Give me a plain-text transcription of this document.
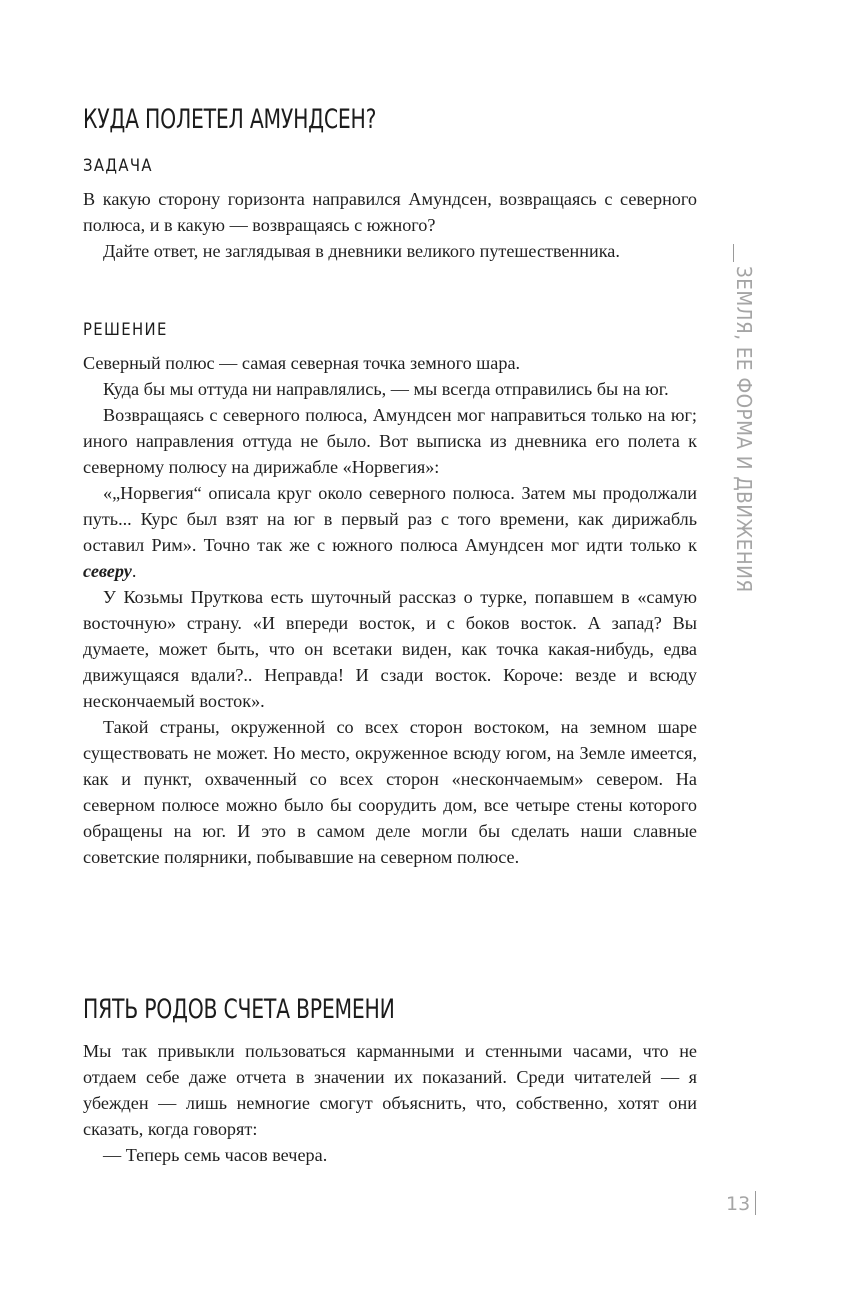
КУДА ПОЛЕТЕЛ АМУНДСЕН?
ЗАДАЧА

В какую сторону горизонта направился Амундсен, возвращаясь с северного полюса, и в какую — возвращаясь с южного?

Дайте ответ, не заглядывая в дневники великого путешественника.

РЕШЕНИЕ

Северный полюс — самая северная точка земного шара.

Куда бы мы оттуда ни направлялись, — мы всегда отправились бы на юг.

Возвращаясь с северного полюса, Амундсен мог направиться только на юг; иного направления оттуда не было. Вот выписка из дневника его полета к северному полюсу на дирижабле «Норвегия»:

«„Норвегия“ описала круг около северного полюса. Затем мы продолжали путь... Курс был взят на юг в первый раз с того времени, как дирижабль оставил Рим». Точно так же с южного полюса Амундсен мог идти только к северу.

У Козьмы Пруткова есть шуточный рассказ о турке, попавшем в «самую восточную» страну. «И впереди восток, и с боков восток. А запад? Вы думаете, может быть, что он всетаки виден, как точка какая-нибудь, едва движущаяся вдали?.. Неправда! И сзади восток. Короче: везде и всюду нескончаемый восток».

Такой страны, окруженной со всех сторон востоком, на земном шаре существовать не может. Но место, окруженное всюду югом, на Земле имеется, как и пункт, охваченный со всех сторон «нескончаемым» севером. На северном полюсе можно было бы соорудить дом, все четыре стены которого обращены на юг. И это в самом деле могли бы сделать наши славные советские полярники, побывавшие на северном полюсе.

ПЯТЬ РОДОВ СЧЕТА ВРЕМЕНИ

Мы так привыкли пользоваться карманными и стенными часами, что не отдаем себе даже отчета в значении их показаний. Среди читателей — я убежден — лишь немногие смогут объяснить, что, собственно, хотят они сказать, когда говорят:

— Теперь семь часов вечера.

ЗЕМЛЯ, ЕЕ ФОРМА И ДВИЖЕНИЯ
13
